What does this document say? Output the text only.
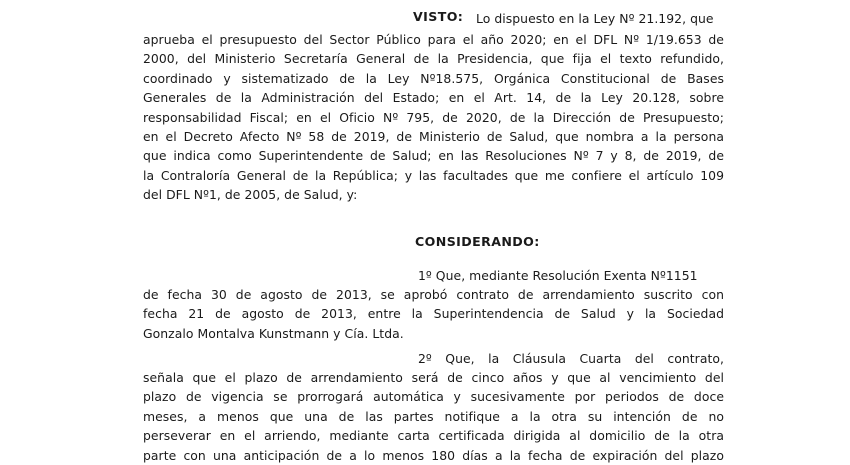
VISTO: Lo dispuesto en la Ley Nº 21.192, que
aprueba el presupuesto del Sector Público para el año 2020; en el DFL Nº 1/19.653 de
2000, del Ministerio Secretaría General de la Presidencia, que fija el texto refundido,
coordinado y sistematizado de la Ley Nº18.575, Orgánica Constitucional de Bases
Generales de la Administración del Estado; en el Art. 14, de la Ley 20.128, sobre
responsabilidad Fiscal; en el Oficio Nº 795, de 2020, de la Dirección de Presupuesto;
en el Decreto Afecto Nº 58 de 2019, de Ministerio de Salud, que nombra a la persona
que indica como Superintendente de Salud; en las Resoluciones Nº 7 y 8, de 2019, de
la Contraloría General de la República; y las facultades que me confiere el artículo 109
del DFL Nº1, de 2005, de Salud, y:
CONSIDERANDO:
1º Que, mediante Resolución Exenta Nº1151
de fecha 30 de agosto de 2013, se aprobó contrato de arrendamiento suscrito con
fecha 21 de agosto de 2013, entre la Superintendencia de Salud y la Sociedad
Gonzalo Montalva Kunstmann y Cía. Ltda.
2º Que, la Cláusula Cuarta del contrato,
señala que el plazo de arrendamiento será de cinco años y que al vencimiento del
plazo de vigencia se prorrogará automática y sucesivamente por periodos de doce
meses, a menos que una de las partes notifique a la otra su intención de no
perseverar en el arriendo, mediante carta certificada dirigida al domicilio de la otra
parte con una anticipación de a lo menos 180 días a la fecha de expiración del plazo
